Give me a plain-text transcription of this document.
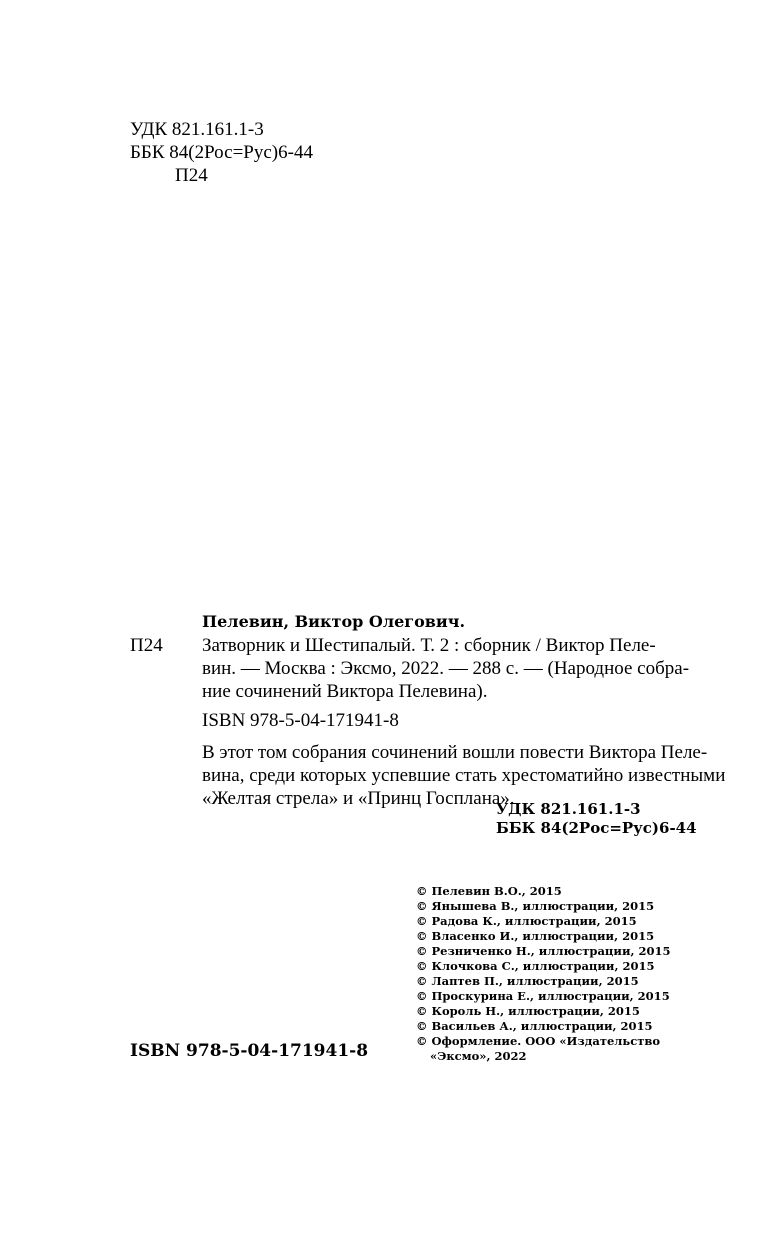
УДК 821.161.1-3
ББК 84(2Рос=Рус)6-44
П24
Пелевин, Виктор Олегович.
П24 Затворник и Шестипалый. Т. 2 : сборник / Виктор Пеле-
вин. — Москва : Эксмо, 2022. — 288 с. — (Народное собра-
ние сочинений Виктора Пелевина).
ISBN 978-5-04-171941-8
В этот том собрания сочинений вошли повести Виктора Пеле-
вина, среди которых успевшие стать хрестоматийно известными
«Желтая стрела» и «Принц Госплана».
УДК 821.161.1-3
ББК 84(2Рос=Рус)6-44
© Пелевин В.О., 2015
© Янышева В., иллюстрации, 2015
© Радова К., иллюстрации, 2015
© Власенко И., иллюстрации, 2015
© Резниченко Н., иллюстрации, 2015
© Клочкова С., иллюстрации, 2015
© Лаптев П., иллюстрации, 2015
© Проскурина Е., иллюстрации, 2015
© Король Н., иллюстрации, 2015
© Васильев А., иллюстрации, 2015
© Оформление. ООО «Издательство
«Эксмо», 2022
ISBN 978-5-04-171941-8
